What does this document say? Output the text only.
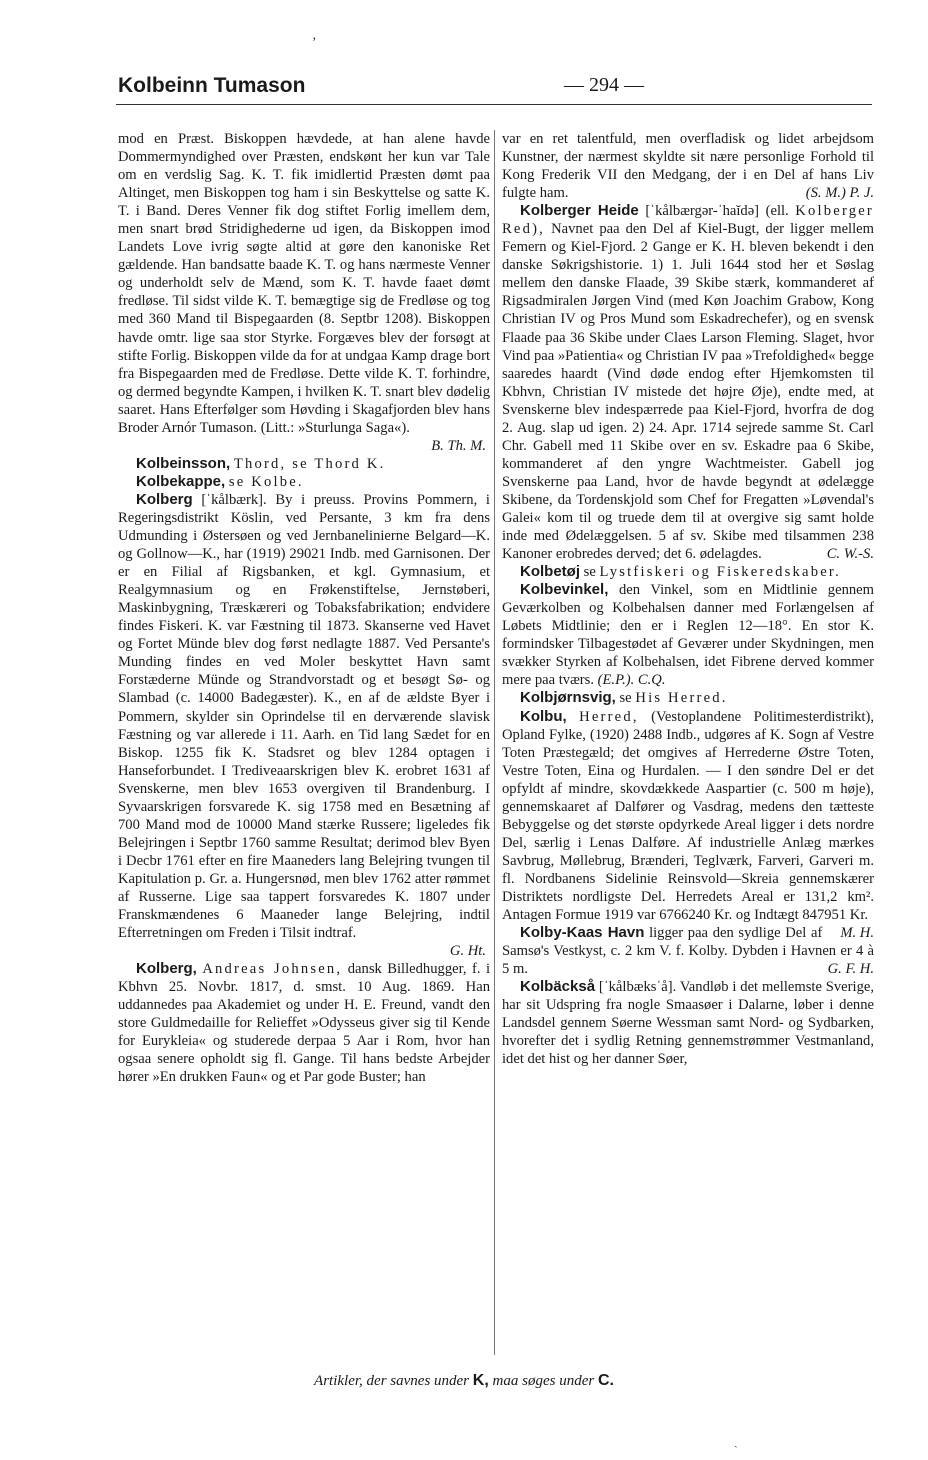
ʼ
Kolbeinn Tumason	— 294 —

mod en Præst. Biskoppen hævdede, at han alene havde Dommermyndighed over Præsten, endskønt her kun var Tale om en verdslig Sag. K. T. fik imidlertid Præsten dømt paa Altinget, men Biskoppen tog ham i sin Beskyttelse og satte K. T. i Band. Deres Venner fik dog stiftet Forlig imellem dem, men snart brød Stridighederne ud igen, da Biskoppen imod Landets Love ivrig søgte altid at gøre den kanoniske Ret gældende. Han bandsatte baade K. T. og hans nærmeste Venner og underholdt selv de Mænd, som K. T. havde faaet dømt fredløse. Til sidst vilde K. T. bemægtige sig de Fredløse og tog med 360 Mand til Bispegaarden (8. Septbr 1208). Biskoppen havde omtr. lige saa stor Styrke. Forgæves blev der forsøgt at stifte Forlig. Biskoppen vilde da for at undgaa Kamp drage bort fra Bispegaarden med de Fredløse. Dette vilde K. T. forhindre, og dermed begyndte Kampen, i hvilken K. T. snart blev dødelig saaret. Hans Efterfølger som Høvding i Skagafjorden blev hans Broder Arnór Tumason. (Litt.: »Sturlunga Saga«).
B. Th. M.

Kolbeinsson, Thord, se Thord K.

Kolbekappe, se Kolbe.

Kolberg [ˈkålbærk]. By i preuss. Provins Pommern, i Regeringsdistrikt Köslin, ved Persante, 3 km fra dens Udmunding i Østersøen og ved Jernbanelinierne Belgard—K. og Gollnow—K., har (1919) 29021 Indb. med Garnisonen. Der er en Filial af Rigsbanken, et kgl. Gymnasium, et Realgymnasium og en Frøkenstiftelse, Jernstøberi, Maskinbygning, Træskæreri og Tobaksfabrikation; endvidere findes Fiskeri. K. var Fæstning til 1873. Skanserne ved Havet og Fortet Münde blev dog først nedlagte 1887. Ved Persante's Munding findes en ved Moler beskyttet Havn samt Forstæderne Münde og Strandvorstadt og et besøgt Sø- og Slambad (c. 14000 Badegæster). K., en af de ældste Byer i Pommern, skylder sin Oprindelse til en derværende slavisk Fæstning og var allerede i 11. Aarh. en Tid lang Sædet for en Biskop. 1255 fik K. Stadsret og blev 1284 optagen i Hanseforbundet. I Trediveaarskrigen blev K. erobret 1631 af Svenskerne, men blev 1653 overgiven til Brandenburg. I Syvaarskrigen forsvarede K. sig 1758 med en Besætning af 700 Mand mod de 10000 Mand stærke Russere; ligeledes fik Belejringen i Septbr 1760 samme Resultat; derimod blev Byen i Decbr 1761 efter en fire Maaneders lang Belejring tvungen til Kapitulation p. Gr. a. Hungersnød, men blev 1762 atter rømmet af Russerne. Lige saa tappert forsvaredes K. 1807 under Franskmændenes 6 Maaneder lange Belejring, indtil Efterretningen om Freden i Tilsit indtraf.
G. Ht.

Kolberg, Andreas Johnsen, dansk Billedhugger, f. i Kbhvn 25. Novbr. 1817, d. smst. 10 Aug. 1869. Han uddannedes paa Akademiet og under H. E. Freund, vandt den store Guldmedaille for Relieffet »Odysseus giver sig til Kende for Eurykleia« og studerede derpaa 5 Aar i Rom, hvor han ogsaa senere opholdt sig fl. Gange. Til hans bedste Arbejder hører »En drukken Faun« og et Par gode Buster; han

var en ret talentfuld, men overfladisk og lidet arbejdsom Kunstner, der nærmest skyldte sit nære personlige Forhold til Kong Frederik VII den Medgang, der i en Del af hans Liv fulgte ham.	(S. M.) P. J.

Kolberger Heide [ˈkålbærgər-ˈhaĭdə] (ell. Kolberger Red), Navnet paa den Del af Kiel-Bugt, der ligger mellem Femern og Kiel-Fjord. 2 Gange er K. H. bleven bekendt i den danske Søkrigshistorie. 1) 1. Juli 1644 stod her et Søslag mellem den danske Flaade, 39 Skibe stærk, kommanderet af Rigsadmiralen Jørgen Vind (med Køn Joachim Grabow, Kong Christian IV og Pros Mund som Eskadrechefer), og en svensk Flaade paa 36 Skibe under Claes Larson Fleming. Slaget, hvor Vind paa »Patientia« og Christian IV paa »Trefoldighed« begge saaredes haardt (Vind døde endog efter Hjemkomsten til Kbhvn, Christian IV mistede det højre Øje), endte med, at Svenskerne blev indespærrede paa Kiel-Fjord, hvorfra de dog 2. Aug. slap ud igen. 2) 24. Apr. 1714 sejrede samme St. Carl Chr. Gabell med 11 Skibe over en sv. Eskadre paa 6 Skibe, kommanderet af den yngre Wachtmeister. Gabell jog Svenskerne paa Land, hvor de havde begyndt at ødelægge Skibene, da Tordenskjold som Chef for Fregatten »Løvendal's Galei« kom til og truede dem til at overgive sig samt holde inde med Ødelæggelsen. 5 af sv. Skibe med tilsammen 238 Kanoner erobredes derved; det 6. ødelagdes.	C. W.-S.

Kolbetøj se Lystfiskeri og Fiskeredskaber.

Kolbevinkel, den Vinkel, som en Midtlinie gennem Geværkolben og Kolbehalsen danner med Forlængelsen af Løbets Midtlinie; den er i Reglen 12—18°. En stor K. formindsker Tilbagestødet af Geværer under Skydningen, men svækker Styrken af Kolbehalsen, idet Fibrene derved kommer mere paa tværs. (E.P.). C.Q.

Kolbjørnsvig, se His Herred.

Kolbu, Herred, (Vestoplandene Politimesterdistrikt), Opland Fylke, (1920) 2488 Indb., udgøres af K. Sogn af Vestre Toten Præstegæld; det omgives af Herrederne Østre Toten, Vestre Toten, Eina og Hurdalen. — I den søndre Del er det opfyldt af mindre, skovdækkede Aaspartier (c. 500 m høje), gennemskaaret af Dalfører og Vasdrag, medens den tætteste Bebyggelse og det største opdyrkede Areal ligger i dets nordre Del, særlig i Lenas Dalføre. Af industrielle Anlæg mærkes Savbrug, Møllebrug, Brænderi, Teglværk, Farveri, Garveri m. fl. Nordbanens Sidelinie Reinsvold—Skreia gennemskærer Distriktets nordligste Del. Herredets Areal er 131,2 km². Antagen Formue 1919 var 6766240 Kr. og Indtægt 847951 Kr.
M. H.

Kolby-Kaas Havn ligger paa den sydlige Del af Samsø's Vestkyst, c. 2 km V. f. Kolby. Dybden i Havnen er 4 à 5 m.	G. F. H.

Kolbäckså [ˈkålbæksˈå]. Vandløb i det mellemste Sverige, har sit Udspring fra nogle Smaasøer i Dalarne, løber i denne Landsdel gennem Søerne Wessman samt Nord- og Sydbarken, hvorefter det i sydlig Retning gennemstrømmer Vestmanland, idet det hist og her danner Søer,

Artikler, der savnes under K, maa søges under C.
ˎ
